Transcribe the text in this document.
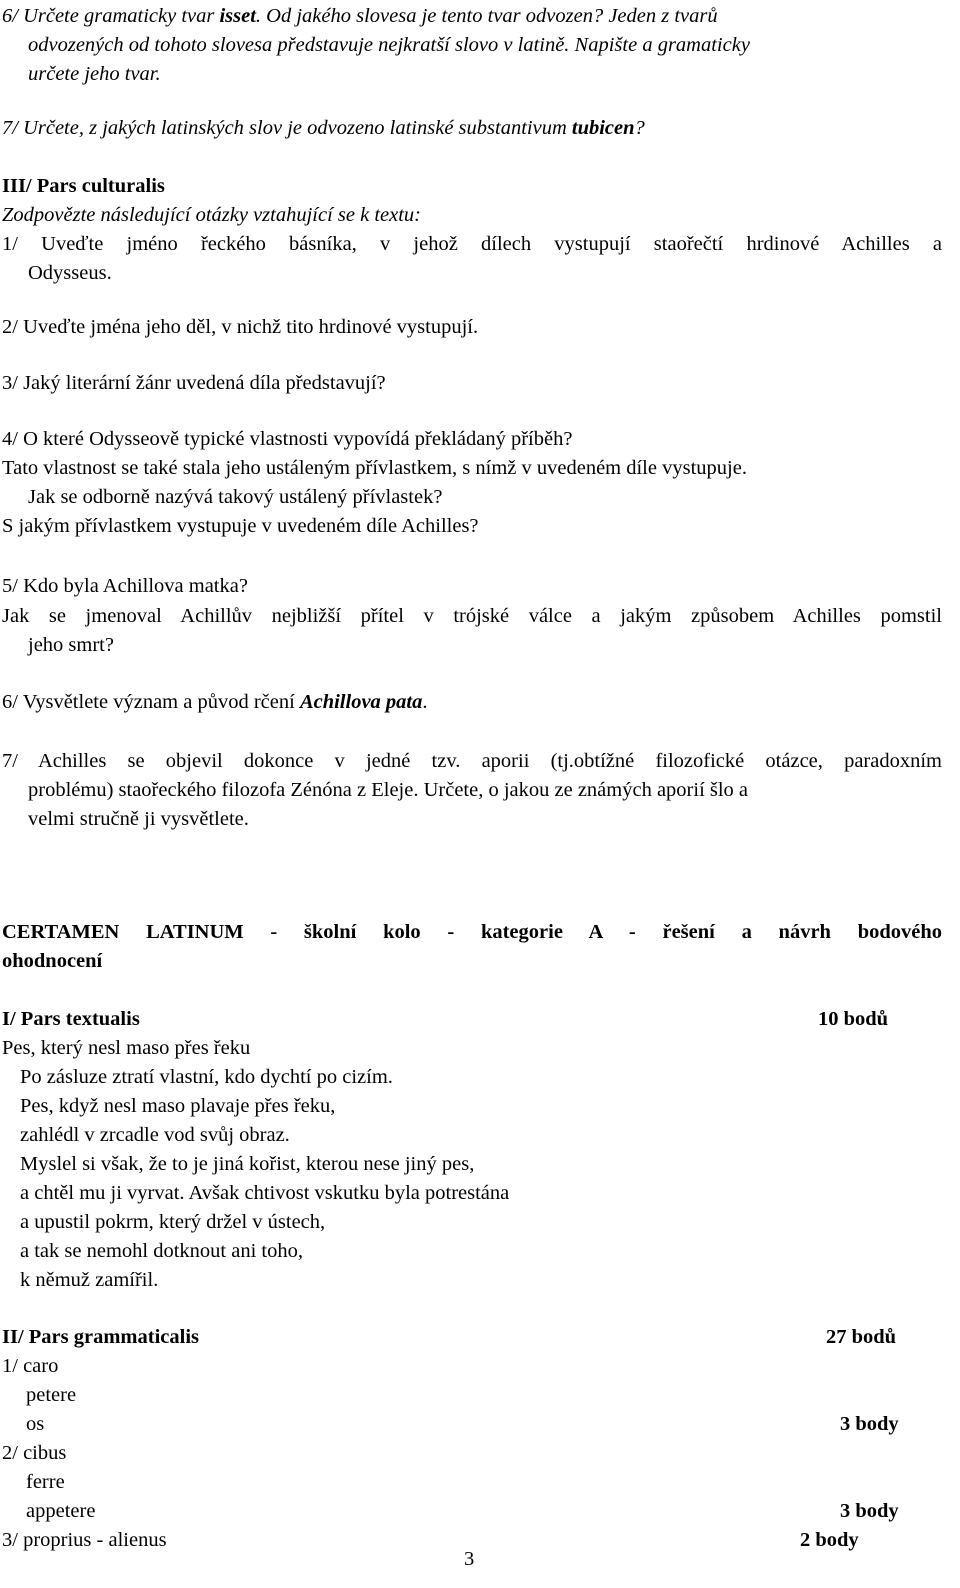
6/ Určete gramaticky tvar isset. Od jakého slovesa je tento tvar odvozen? Jeden z tvarů
odvozených od tohoto slovesa představuje nejkratší slovo v latině. Napište a gramaticky
určete jeho tvar.
7/ Určete, z jakých latinských slov je odvozeno latinské substantivum tubicen?
III/ Pars culturalis
Zodpovězte následující otázky vztahující se k textu:
1/ Uveďte jméno řeckého básníka, v jehož dílech vystupují staořečtí hrdinové Achilles a
Odysseus.
2/ Uveďte jména jeho děl, v nichž tito hrdinové vystupují.
3/ Jaký literární žánr uvedená díla představují?
4/ O které Odysseově typické vlastnosti vypovídá překládaný příběh?
Tato vlastnost se také stala jeho ustáleným přívlastkem, s nímž v uvedeném díle vystupuje.
Jak se odborně nazývá takový ustálený přívlastek?
S jakým přívlastkem vystupuje v uvedeném díle Achilles?
5/ Kdo byla Achillova matka?
Jak se jmenoval Achillův nejbližší přítel v trójské válce a jakým způsobem Achilles pomstil
jeho smrt?
6/ Vysvětlete význam a původ rčení Achillova pata.
7/ Achilles se objevil dokonce v jedné tzv. aporii (tj.obtížné filozofické otázce, paradoxním
problému) staořeckého filozofa Zénóna z Eleje. Určete, o jakou ze známých aporií šlo a
velmi stručně ji vysvětlete.
CERTAMEN LATINUM - školní kolo - kategorie A - řešení a návrh bodového
ohodnocení
I/ Pars textualis	10 bodů
Pes, který nesl maso přes řeku
Po zásluze ztratí vlastní, kdo dychtí po cizím.
Pes, když nesl maso plavaje přes řeku,
zahlédl v zrcadle vod svůj obraz.
Myslel si však, že to je jiná kořist, kterou nese jiný pes,
a chtěl mu ji vyrvat. Avšak chtivost vskutku byla potrestána
a upustil pokrm, který držel v ústech,
a tak se nemohl dotknout ani toho,
k němuž zamířil.
II/ Pars grammaticalis	27 bodů
1/ caro
petere
os	3 body
2/ cibus
ferre
appetere	3 body
3/ proprius - alienus	2 body
3
